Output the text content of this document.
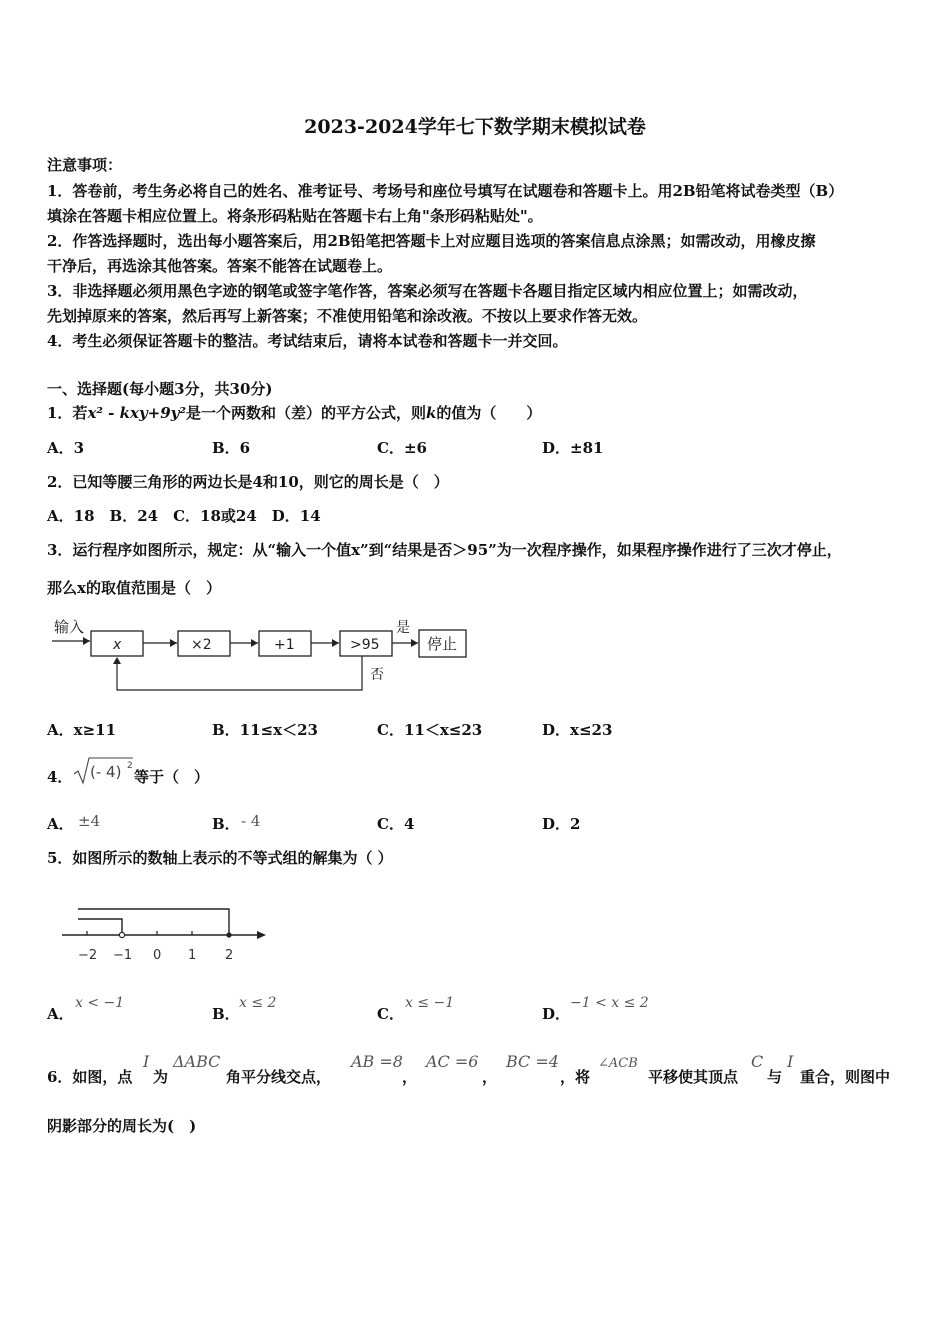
2023-2024学年七下数学期末模拟试卷
注意事项：
1．答卷前，考生务必将自己的姓名、准考证号、考场号和座位号填写在试题卷和答题卡上。用2B铅笔将试卷类型（B）
填涂在答题卡相应位置上。将条形码粘贴在答题卡右上角"条形码粘贴处"。
2．作答选择题时，选出每小题答案后，用2B铅笔把答题卡上对应题目选项的答案信息点涂黑；如需改动，用橡皮擦
干净后，再选涂其他答案。答案不能答在试题卷上。
3．非选择题必须用黑色字迹的钢笔或签字笔作答，答案必须写在答题卡各题目指定区域内相应位置上；如需改动，
先划掉原来的答案，然后再写上新答案；不准使用铅笔和涂改液。不按以上要求作答无效。
4．考生必须保证答题卡的整洁。考试结束后，请将本试卷和答题卡一并交回。
一、选择题(每小题3分，共30分)
1．若x² - kxy+9y²是一个两数和（差）的平方公式，则k的值为（　　）
A．3	B．6	C．±6	D．±81
2．已知等腰三角形的两边长是4和10，则它的周长是（　）
A．18　B．24　C．18或24　D．14
3．运行程序如图所示，规定：从“输入一个值x”到“结果是否＞95”为一次程序操作，如果程序操作进行了三次才停止，
那么x的取值范围是（　）
输入
x	×2	+1	>95
是
停止
否
A．x≥11	B．11≤x＜23	C．11＜x≤23	D．x≤23
4． (- 4) 2
等于（　）
A． ±4	B． - 4	C．4	D．2
5．如图所示的数轴上表示的不等式组的解集为（ ）
−2 −1 0 1 2
A．
x < −1
B．
x ≤ 2
C．
x ≤ −1
D．
−1 < x ≤ 2
6．如图，点
I
为
ΔABC
角平分线交点，
AB =8
，
AC =6
，
BC =4
，将
∠ACB
平移使其顶点
C
与
I
重合，则图中
阴影部分的周长为(　)
